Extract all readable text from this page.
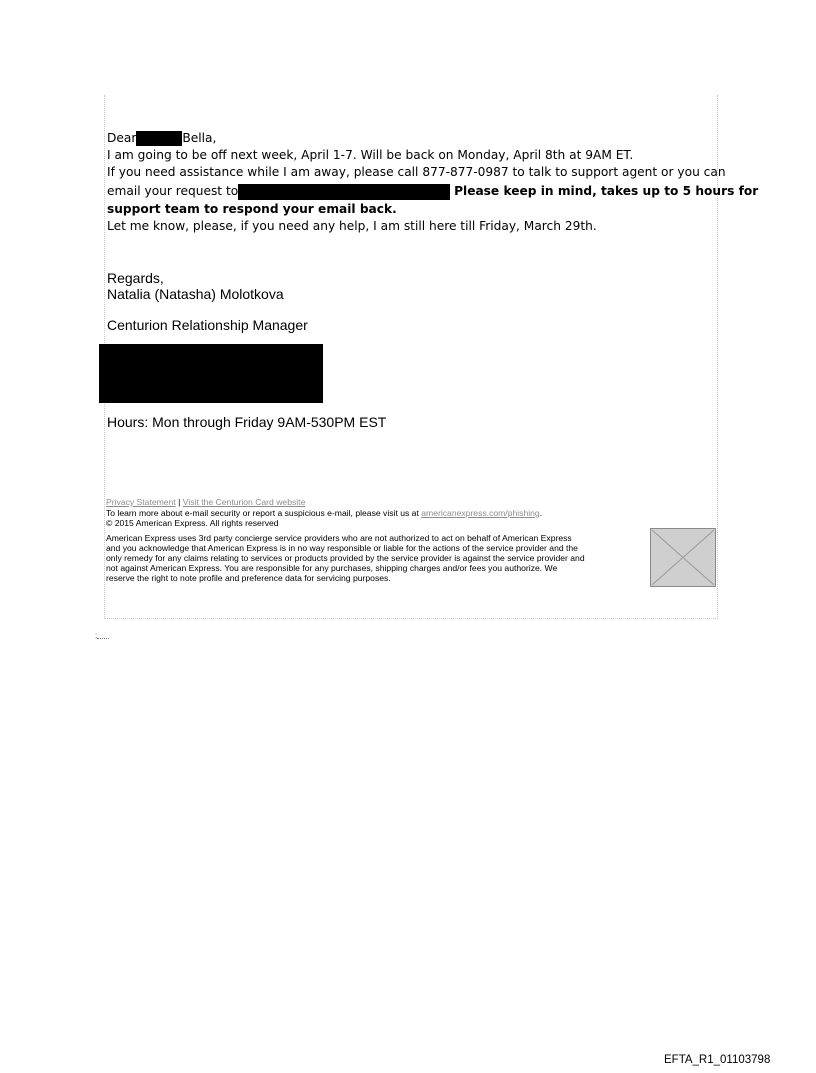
Dear	Bella,
I am going to be off next week, April 1-7. Will be back on Monday, April 8th at 9AM ET.
If you need assistance while I am away, please call 877-877-0987 to talk to support agent or you can
email your request to	Please keep in mind, takes up to 5 hours for
support team to respond your email back.
Let me know, please, if you need any help, I am still here till Friday, March 29th.
Regards,
Natalia (Natasha) Molotkova
Centurion Relationship Manager
Hours: Mon through Friday 9AM-530PM EST
Privacy Statement | Visit the Centurion Card website
To learn more about e-mail security or report a suspicious e-mail, please visit us at americanexpress.com/phishing.
© 2015 American Express. All rights reserved
American Express uses 3rd party concierge service providers who are not authorized to act on behalf of American Express
and you acknowledge that American Express is in no way responsible or liable for the actions of the service provider and the
only remedy for any claims relating to services or products provided by the service provider is against the service provider and
not against American Express. You are responsible for any purchases, shipping charges and/or fees you authorize. We
reserve the right to note profile and preference data for servicing purposes.
:
EFTA_R1_01103798
